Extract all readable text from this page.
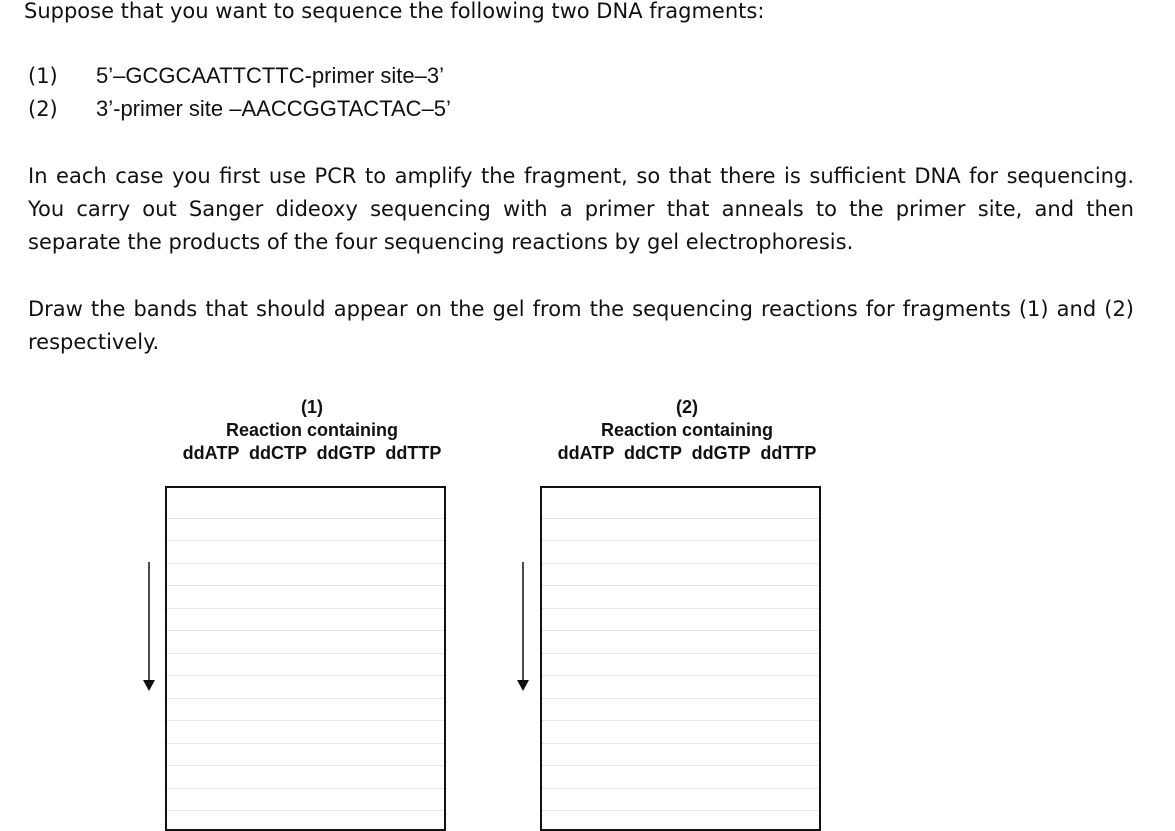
Suppose that you want to sequence the following two DNA fragments:
(1) 5’–GCGCAATTCTTC-primer site–3’
(2) 3’-primer site –AACCGGTACTAC–5’
In each case you first use PCR to amplify the fragment, so that there is sufficient DNA for sequencing. You carry out Sanger dideoxy sequencing with a primer that anneals to the primer site, and then separate the products of the four sequencing reactions by gel electrophoresis.
Draw the bands that should appear on the gel from the sequencing reactions for fragments (1) and (2) respectively.
(1)
Reaction containing
ddATP  ddCTP  ddGTP  ddTTP
(2)
Reaction containing
ddATP  ddCTP  ddGTP  ddTTP
